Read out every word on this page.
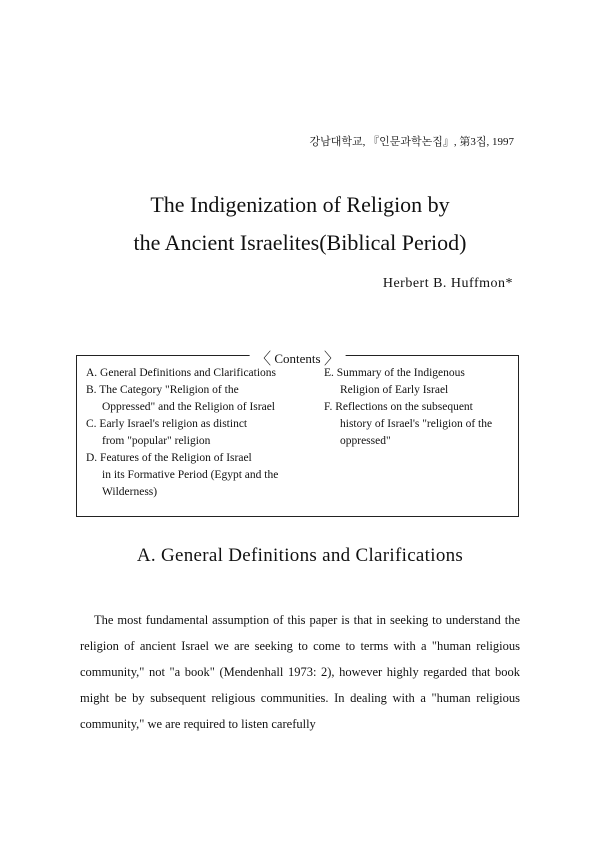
강남대학교, 『인문과학논집』, 第3집, 1997
The Indigenization of Religion by
the Ancient Israelites(Biblical Period)
Herbert B. Huffmon*
〈 Contents 〉
A. General Definitions and Clarifications
B. The Category "Religion of the
Oppressed" and the Religion of Israel
C. Early Israel's religion as distinct
from "popular" religion
D. Features of the Religion of Israel
in its Formative Period (Egypt and the Wilderness)
E. Summary of the Indigenous
Religion of Early Israel
F. Reflections on the subsequent
history of Israel's "religion of the oppressed"
A. General Definitions and Clarifications

The most fundamental assumption of this paper is that in seeking to understand the religion of ancient Israel we are seeking to come to terms with a "human religious community," not "a book" (Mendenhall 1973: 2), however highly regarded that book might be by subsequent religious communities. In dealing with a "human religious community," we are required to listen carefully
